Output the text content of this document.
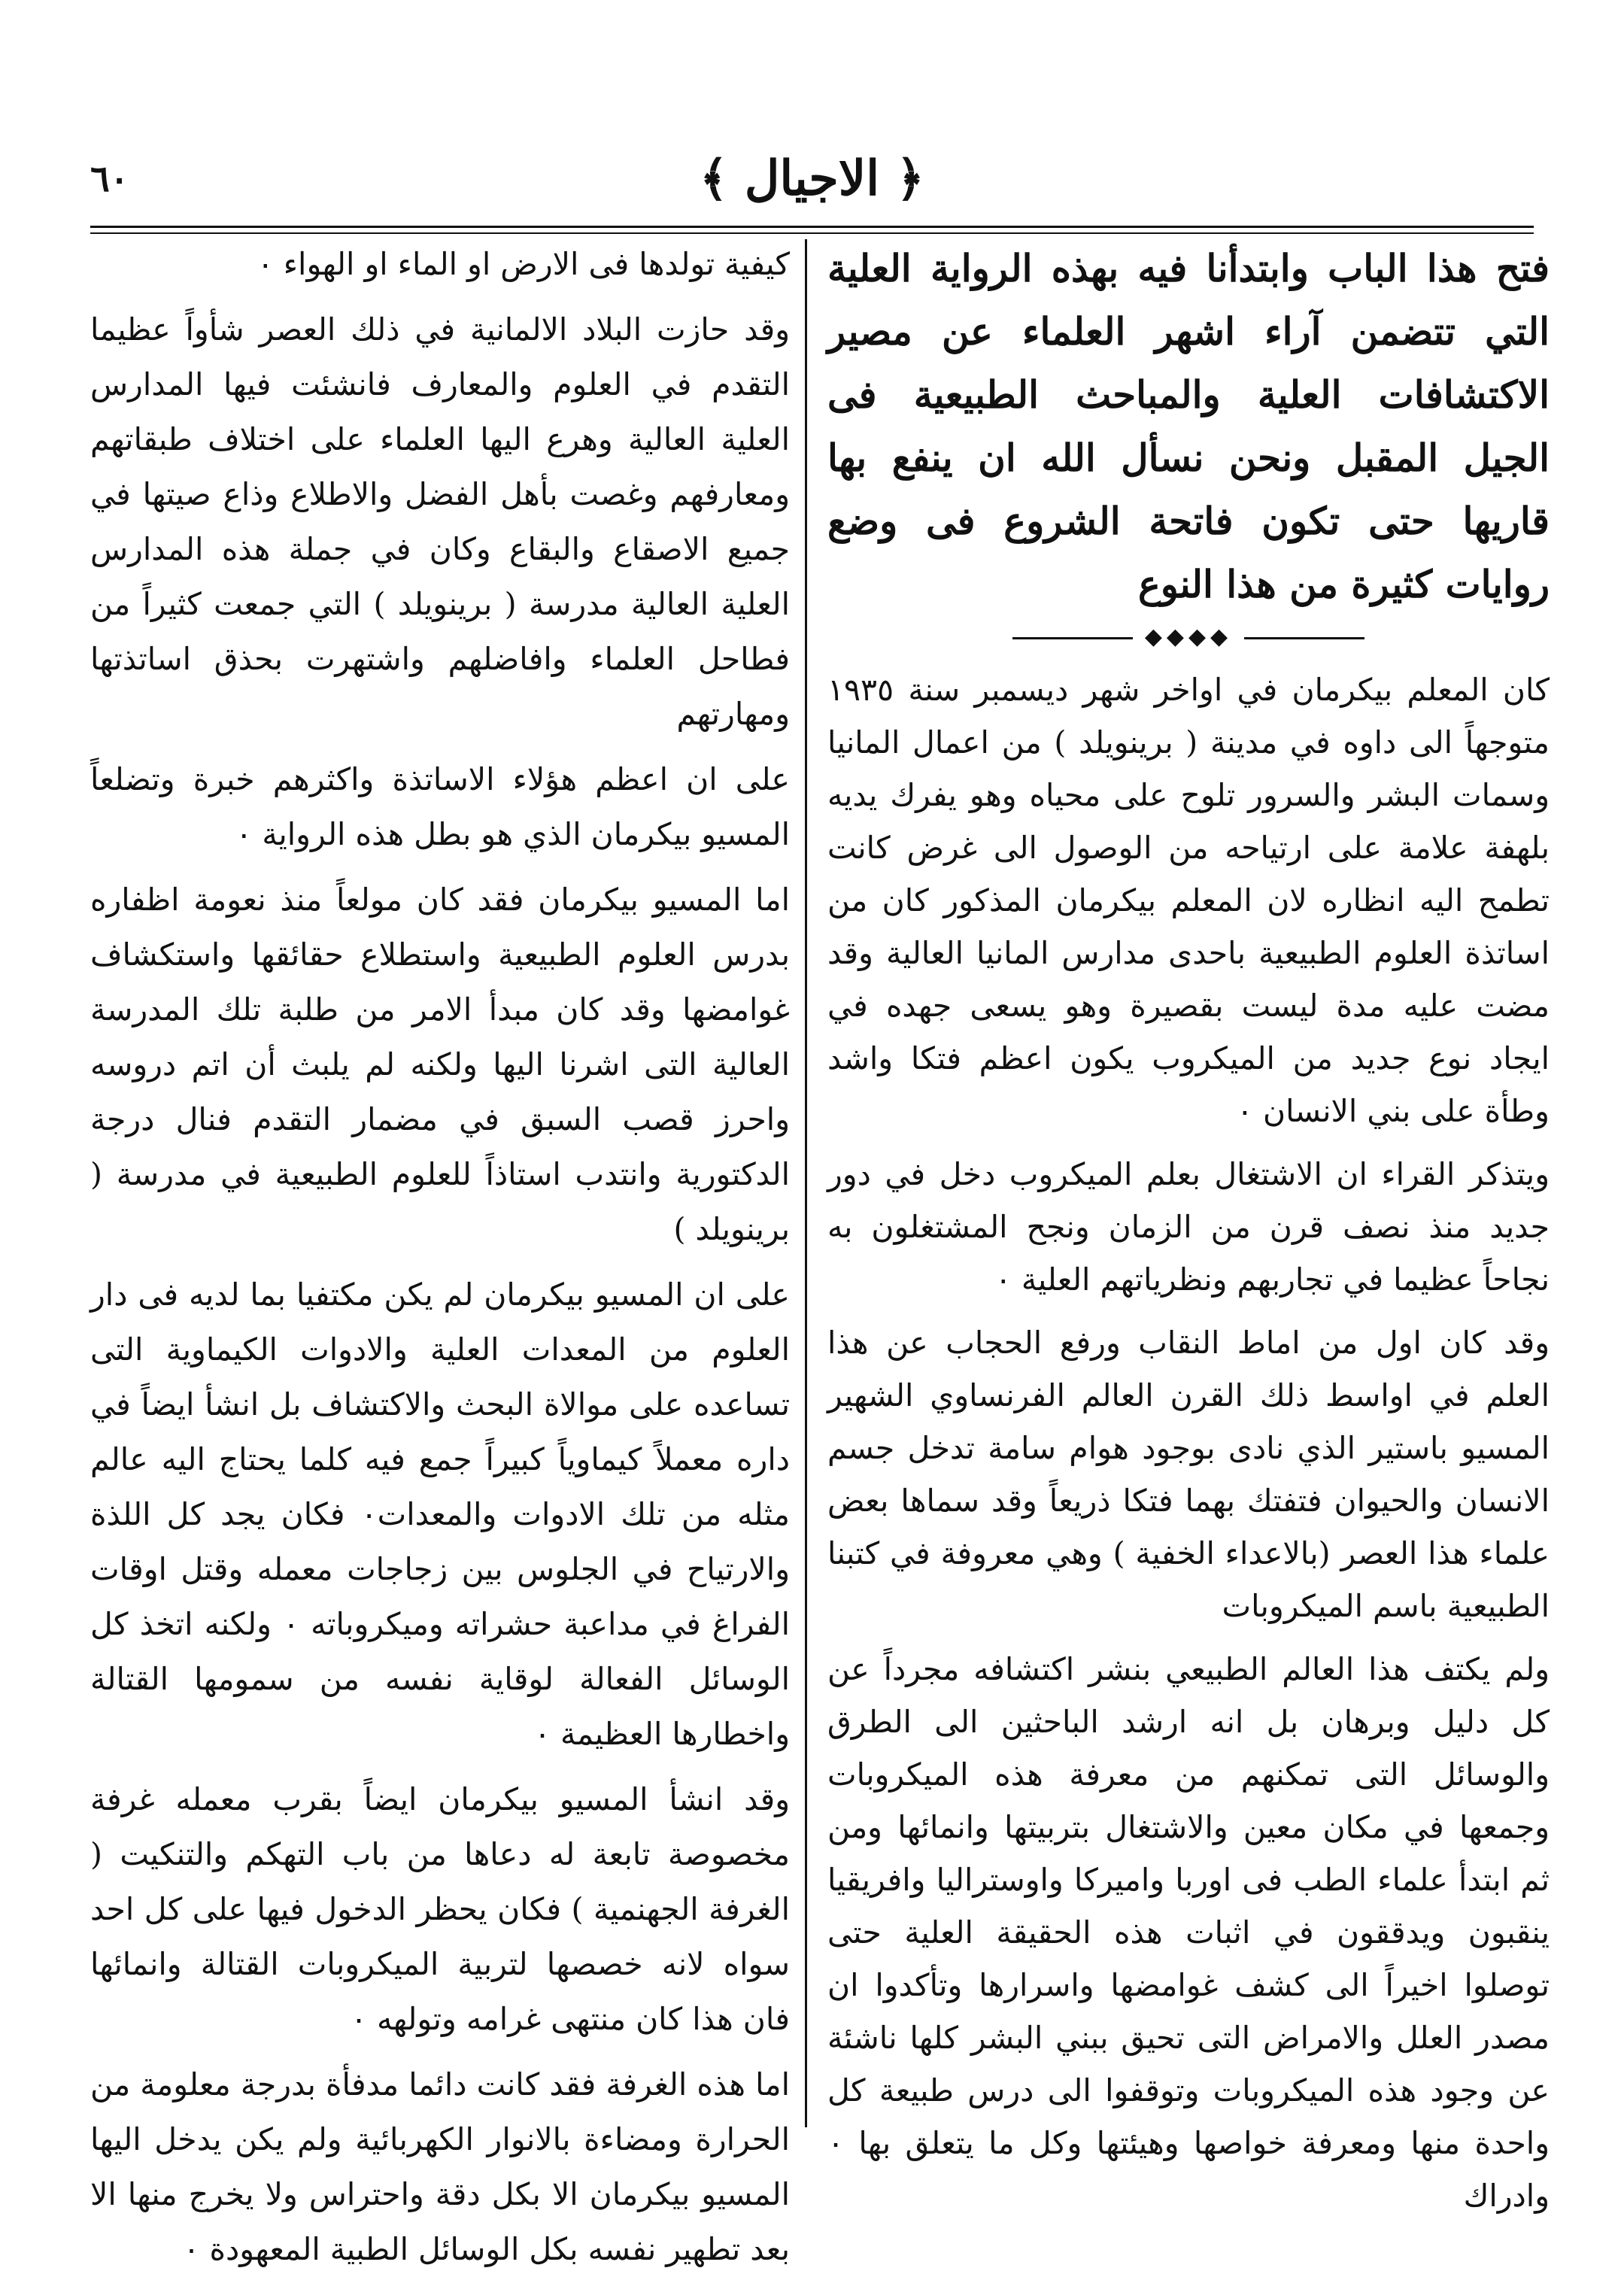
٦٠	﴿ الاجيال ﴾

فتح هذا الباب وابتدأنا فيه بهذه الرواية العلية التي تتضمن آراء اشهر العلماء عن مصير الاكتشافات العلية والمباحث الطبيعية فى الجيل المقبل ونحن نسأل الله ان ينفع بها قاريها حتى تكون فاتحة الشروع فى وضع روايات كثيرة من هذا النوع

◆◆◆◆

كان المعلم بيكرمان في اواخر شهر ديسمبر سنة ١٩٣٥ متوجهاً الى داوه في مدينة ( برينويلد ) من اعمال المانيا وسمات البشر والسرور تلوح على محياه وهو يفرك يديه بلهفة علامة على ارتياحه من الوصول الى غرض كانت تطمح اليه انظاره لان المعلم بيكرمان المذكور كان من اساتذة العلوم الطبيعية باحدى مدارس المانيا العالية وقد مضت عليه مدة ليست بقصيرة وهو يسعى جهده في ايجاد نوع جديد من الميكروب يكون اعظم فتكا واشد وطأة على بني الانسان ٠

ويتذكر القراء ان الاشتغال بعلم الميكروب دخل في دور جديد منذ نصف قرن من الزمان ونجح المشتغلون به نجاحاً عظيما في تجاربهم ونظرياتهم العلية ٠

وقد كان اول من اماط النقاب ورفع الحجاب عن هذا العلم في اواسط ذلك القرن العالم الفرنساوي الشهير المسيو باستير الذي نادى بوجود هوام سامة تدخل جسم الانسان والحيوان فتفتك بهما فتكا ذريعاً وقد سماها بعض علماء هذا العصر (بالاعداء الخفية ) وهي معروفة في كتبنا الطبيعية باسم الميكروبات

ولم يكتف هذا العالم الطبيعي بنشر اكتشافه مجرداً عن كل دليل وبرهان بل انه ارشد الباحثين الى الطرق والوسائل التى تمكنهم من معرفة هذه الميكروبات وجمعها في مكان معين والاشتغال بتربيتها وانمائها ومن ثم ابتدأ علماء الطب فى اوربا واميركا واوستراليا وافريقيا ينقبون ويدققون في اثبات هذه الحقيقة العلية حتى توصلوا اخيراً الى كشف غوامضها واسرارها وتأكدوا ان مصدر العلل والامراض التى تحيق ببني البشر كلها ناشئة عن وجود هذه الميكروبات وتوقفوا الى درس طبيعة كل واحدة منها ومعرفة خواصها وهيئتها وكل ما يتعلق بها ٠ وادراك

كيفية تولدها فى الارض او الماء او الهواء ٠

وقد حازت البلاد الالمانية في ذلك العصر شأواً عظيما التقدم في العلوم والمعارف فانشئت فيها المدارس العلية العالية وهرع اليها العلماء على اختلاف طبقاتهم ومعارفهم وغصت بأهل الفضل والاطلاع وذاع صيتها في جميع الاصقاع والبقاع وكان في جملة هذه المدارس العلية العالية مدرسة ( برينويلد ) التي جمعت كثيراً من فطاحل العلماء وافاضلهم واشتهرت بحذق اساتذتها ومهارتهم

على ان اعظم هؤلاء الاساتذة واكثرهم خبرة وتضلعاً المسيو بيكرمان الذي هو بطل هذه الرواية ٠

اما المسيو بيكرمان فقد كان مولعاً منذ نعومة اظفاره بدرس العلوم الطبيعية واستطلاع حقائقها واستكشاف غوامضها وقد كان مبدأ الامر من طلبة تلك المدرسة العالية التى اشرنا اليها ولكنه لم يلبث أن اتم دروسه واحرز قصب السبق في مضمار التقدم فنال درجة الدكتورية وانتدب استاذاً للعلوم الطبيعية في مدرسة ( برينويلد )

على ان المسيو بيكرمان لم يكن مكتفيا بما لديه فى دار العلوم من المعدات العلية والادوات الكيماوية التى تساعده على موالاة البحث والاكتشاف بل انشأ ايضاً في داره معملاً كيماوياً كبيراً جمع فيه كلما يحتاج اليه عالم مثله من تلك الادوات والمعدات٠ فكان يجد كل اللذة والارتياح في الجلوس بين زجاجات معمله وقتل اوقات الفراغ في مداعبة حشراته وميكروباته ٠ ولكنه اتخذ كل الوسائل الفعالة لوقاية نفسه من سمومها القتالة واخطارها العظيمة ٠

وقد انشأ المسيو بيكرمان ايضاً بقرب معمله غرفة مخصوصة تابعة له دعاها من باب التهكم والتنكيت ( الغرفة الجهنمية ) فكان يحظر الدخول فيها على كل احد سواه لانه خصصها لتربية الميكروبات القتالة وانمائها فان هذا كان منتهى غرامه وتولهه ٠

اما هذه الغرفة فقد كانت دائما مدفأة بدرجة معلومة من الحرارة ومضاءة بالانوار الكهربائية ولم يكن يدخل اليها المسيو بيكرمان الا بكل دقة واحتراس ولا يخرج منها الا بعد تطهير نفسه بكل الوسائل الطبية المعهودة ٠
